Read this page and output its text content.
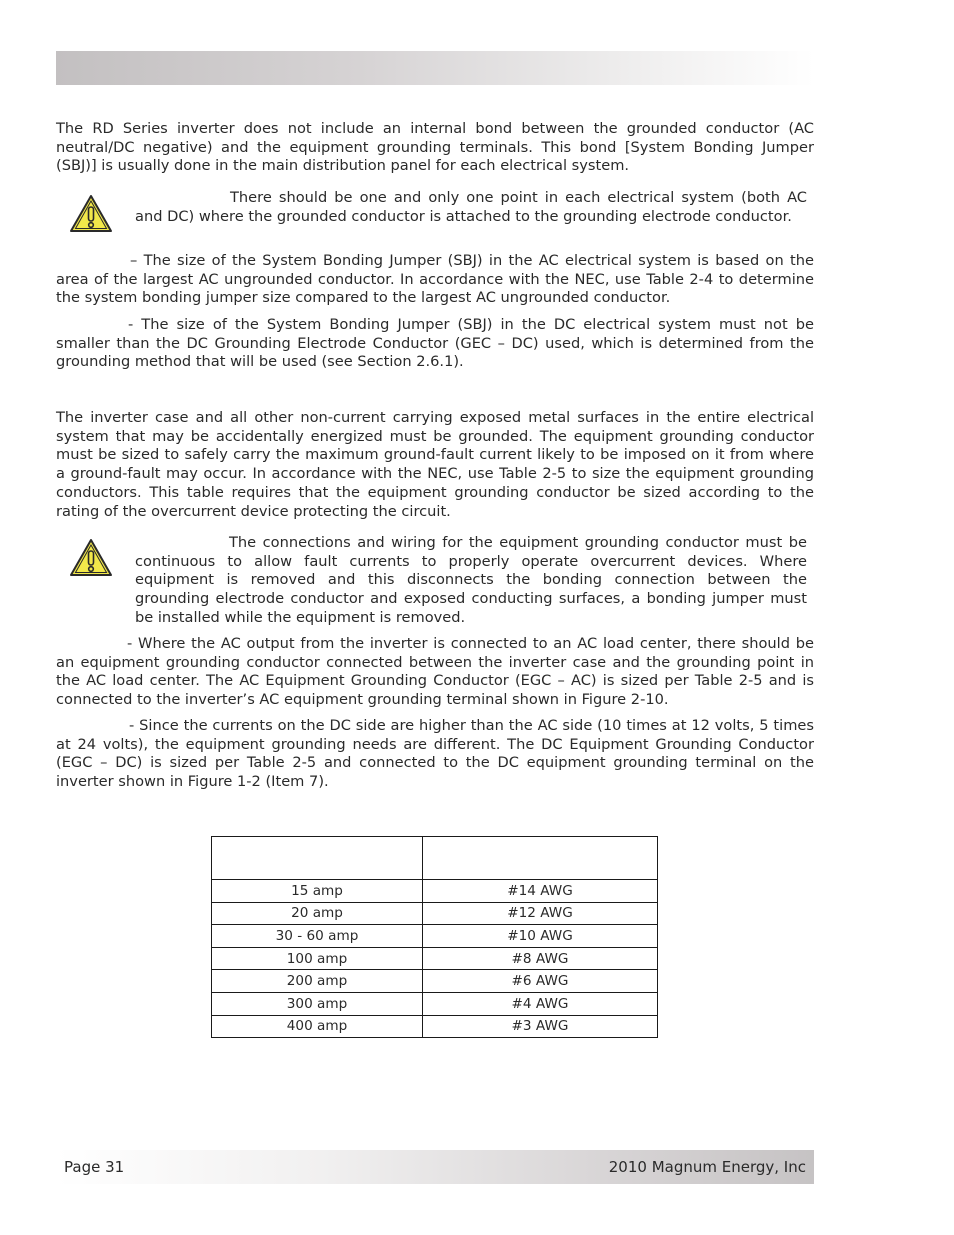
The RD Series inverter does not include an internal bond between the grounded conductor (AC neutral/DC negative) and the equipment grounding terminals. This bond [System Bonding Jumper (SBJ)] is usually done in the main distribution panel for each electrical system.

There should be one and only one point in each electrical system (both AC and DC) where the grounded conductor is attached to the grounding electrode conductor.

– The size of the System Bonding Jumper (SBJ) in the AC electrical system is based on the area of the largest AC ungrounded conductor. In accordance with the NEC, use Table 2-4 to determine the system bonding jumper size compared to the largest AC ungrounded conductor.

- The size of the System Bonding Jumper (SBJ) in the DC electrical system must not be smaller than the DC Grounding Electrode Conductor (GEC – DC) used, which is determined from the grounding method that will be used (see Section 2.6.1).

The inverter case and all other non-current carrying exposed metal surfaces in the entire electrical system that may be accidentally energized must be grounded. The equipment grounding conductor must be sized to safely carry the maximum ground-fault current likely to be imposed on it from where a ground-fault may occur. In accordance with the NEC, use Table 2-5 to size the equipment grounding conductors. This table requires that the equipment grounding conductor be sized according to the rating of the overcurrent device protecting the circuit.

The connections and wiring for the equipment grounding conductor must be continuous to allow fault currents to properly operate overcurrent devices. Where equipment is removed and this disconnects the bonding connection between the grounding electrode conductor and exposed conducting surfaces, a bonding jumper must be installed while the equipment is removed.

- Where the AC output from the inverter is connected to an AC load center, there should be an equipment grounding conductor connected between the inverter case and the grounding point in the AC load center. The AC Equipment Grounding Conductor (EGC – AC) is sized per Table 2-5 and is connected to the inverter’s AC equipment grounding terminal shown in Figure 2-10.

- Since the currents on the DC side are higher than the AC side (10 times at 12 volts, 5 times at 24 volts), the equipment grounding needs are different. The DC Equipment Grounding Conductor (EGC – DC) is sized per Table 2-5 and connected to the DC equipment grounding terminal on the inverter shown in Figure 1-2 (Item 7).

15 amp	#14 AWG
20 amp	#12 AWG
30 - 60 amp	#10 AWG
100 amp	#8 AWG
200 amp	#6 AWG
300 amp	#4 AWG
400 amp	#3 AWG
Page 31	2010 Magnum Energy, Inc
